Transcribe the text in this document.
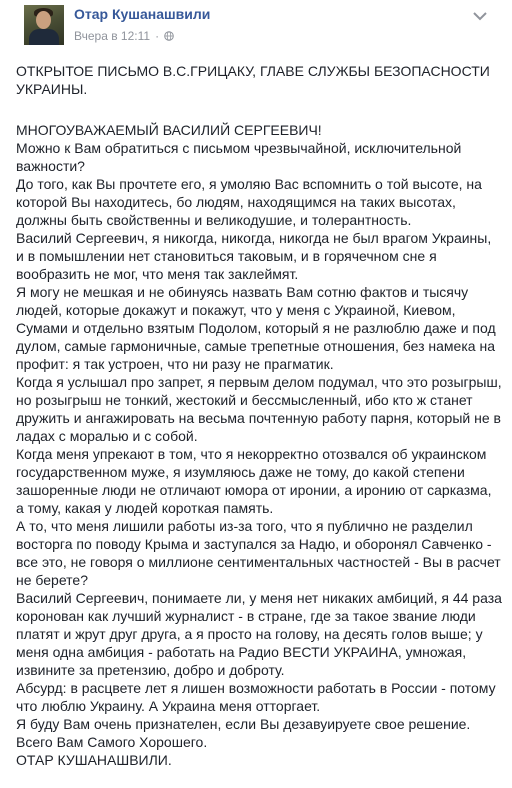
Отар Кушанашвили
Вчера в 12:11 ·

ОТКРЫТОЕ ПИСЬМО В.С.ГРИЦАКУ, ГЛАВЕ СЛУЖБЫ БЕЗОПАСНОСТИ УКРАИНЫ.

МНОГОУВАЖАЕМЫЙ ВАСИЛИЙ СЕРГЕЕВИЧ!

Можно к Вам обратиться с письмом чрезвычайной, исключительной важности?

До того, как Вы прочтете его, я умоляю Вас вспомнить о той высоте, на которой Вы находитесь, бо людям, находящимся на таких высотах, должны быть свойственны и великодушие, и толерантность.

Василий Сергеевич, я никогда, никогда, никогда не был врагом Украины, и в помышлении нет становиться таковым, и в горячечном сне я вообразить не мог, что меня так заклеймят.

Я могу не мешкая и не обинуясь назвать Вам сотню фактов и тысячу людей, которые докажут и покажут, что у меня с Украиной, Киевом, Сумами и отдельно взятым Подолом, который я не разлюблю даже и под дулом, самые гармоничные, самые трепетные отношения, без намека на профит: я так устроен, что ни разу не прагматик.

Когда я услышал про запрет, я первым делом подумал, что это розыгрыш, но розыгрыш не тонкий, жестокий и бессмысленный, ибо кто ж станет дружить и ангажировать на весьма почтенную работу парня, который не в ладах с моралью и с собой.

Когда меня упрекают в том, что я некорректно отозвался об украинском государственном муже, я изумляюсь даже не тому, до какой степени зашоренные люди не отличают юмора от иронии, а иронию от сарказма, а тому, какая у людей короткая память.

А то, что меня лишили работы из-за того, что я публично не разделил восторга по поводу Крыма и заступался за Надю, и оборонял Савченко - все это, не говоря о миллионе сентиментальных частностей - Вы в расчет не берете?

Василий Сергеевич, понимаете ли, у меня нет никаких амбиций, я 44 раза коронован как лучший журналист - в стране, где за такое звание люди платят и жрут друг друга, а я просто на голову, на десять голов выше; у меня одна амбиция - работать на Радио ВЕСТИ УКРАИНА, умножая, извините за претензию, добро и доброту.

Абсурд: в расцвете лет я лишен возможности работать в России - потому что люблю Украину. А Украина меня отторгает.

Я буду Вам очень признателен, если Вы дезавуируете свое решение.

Всего Вам Самого Хорошего.

ОТАР КУШАНАШВИЛИ.
